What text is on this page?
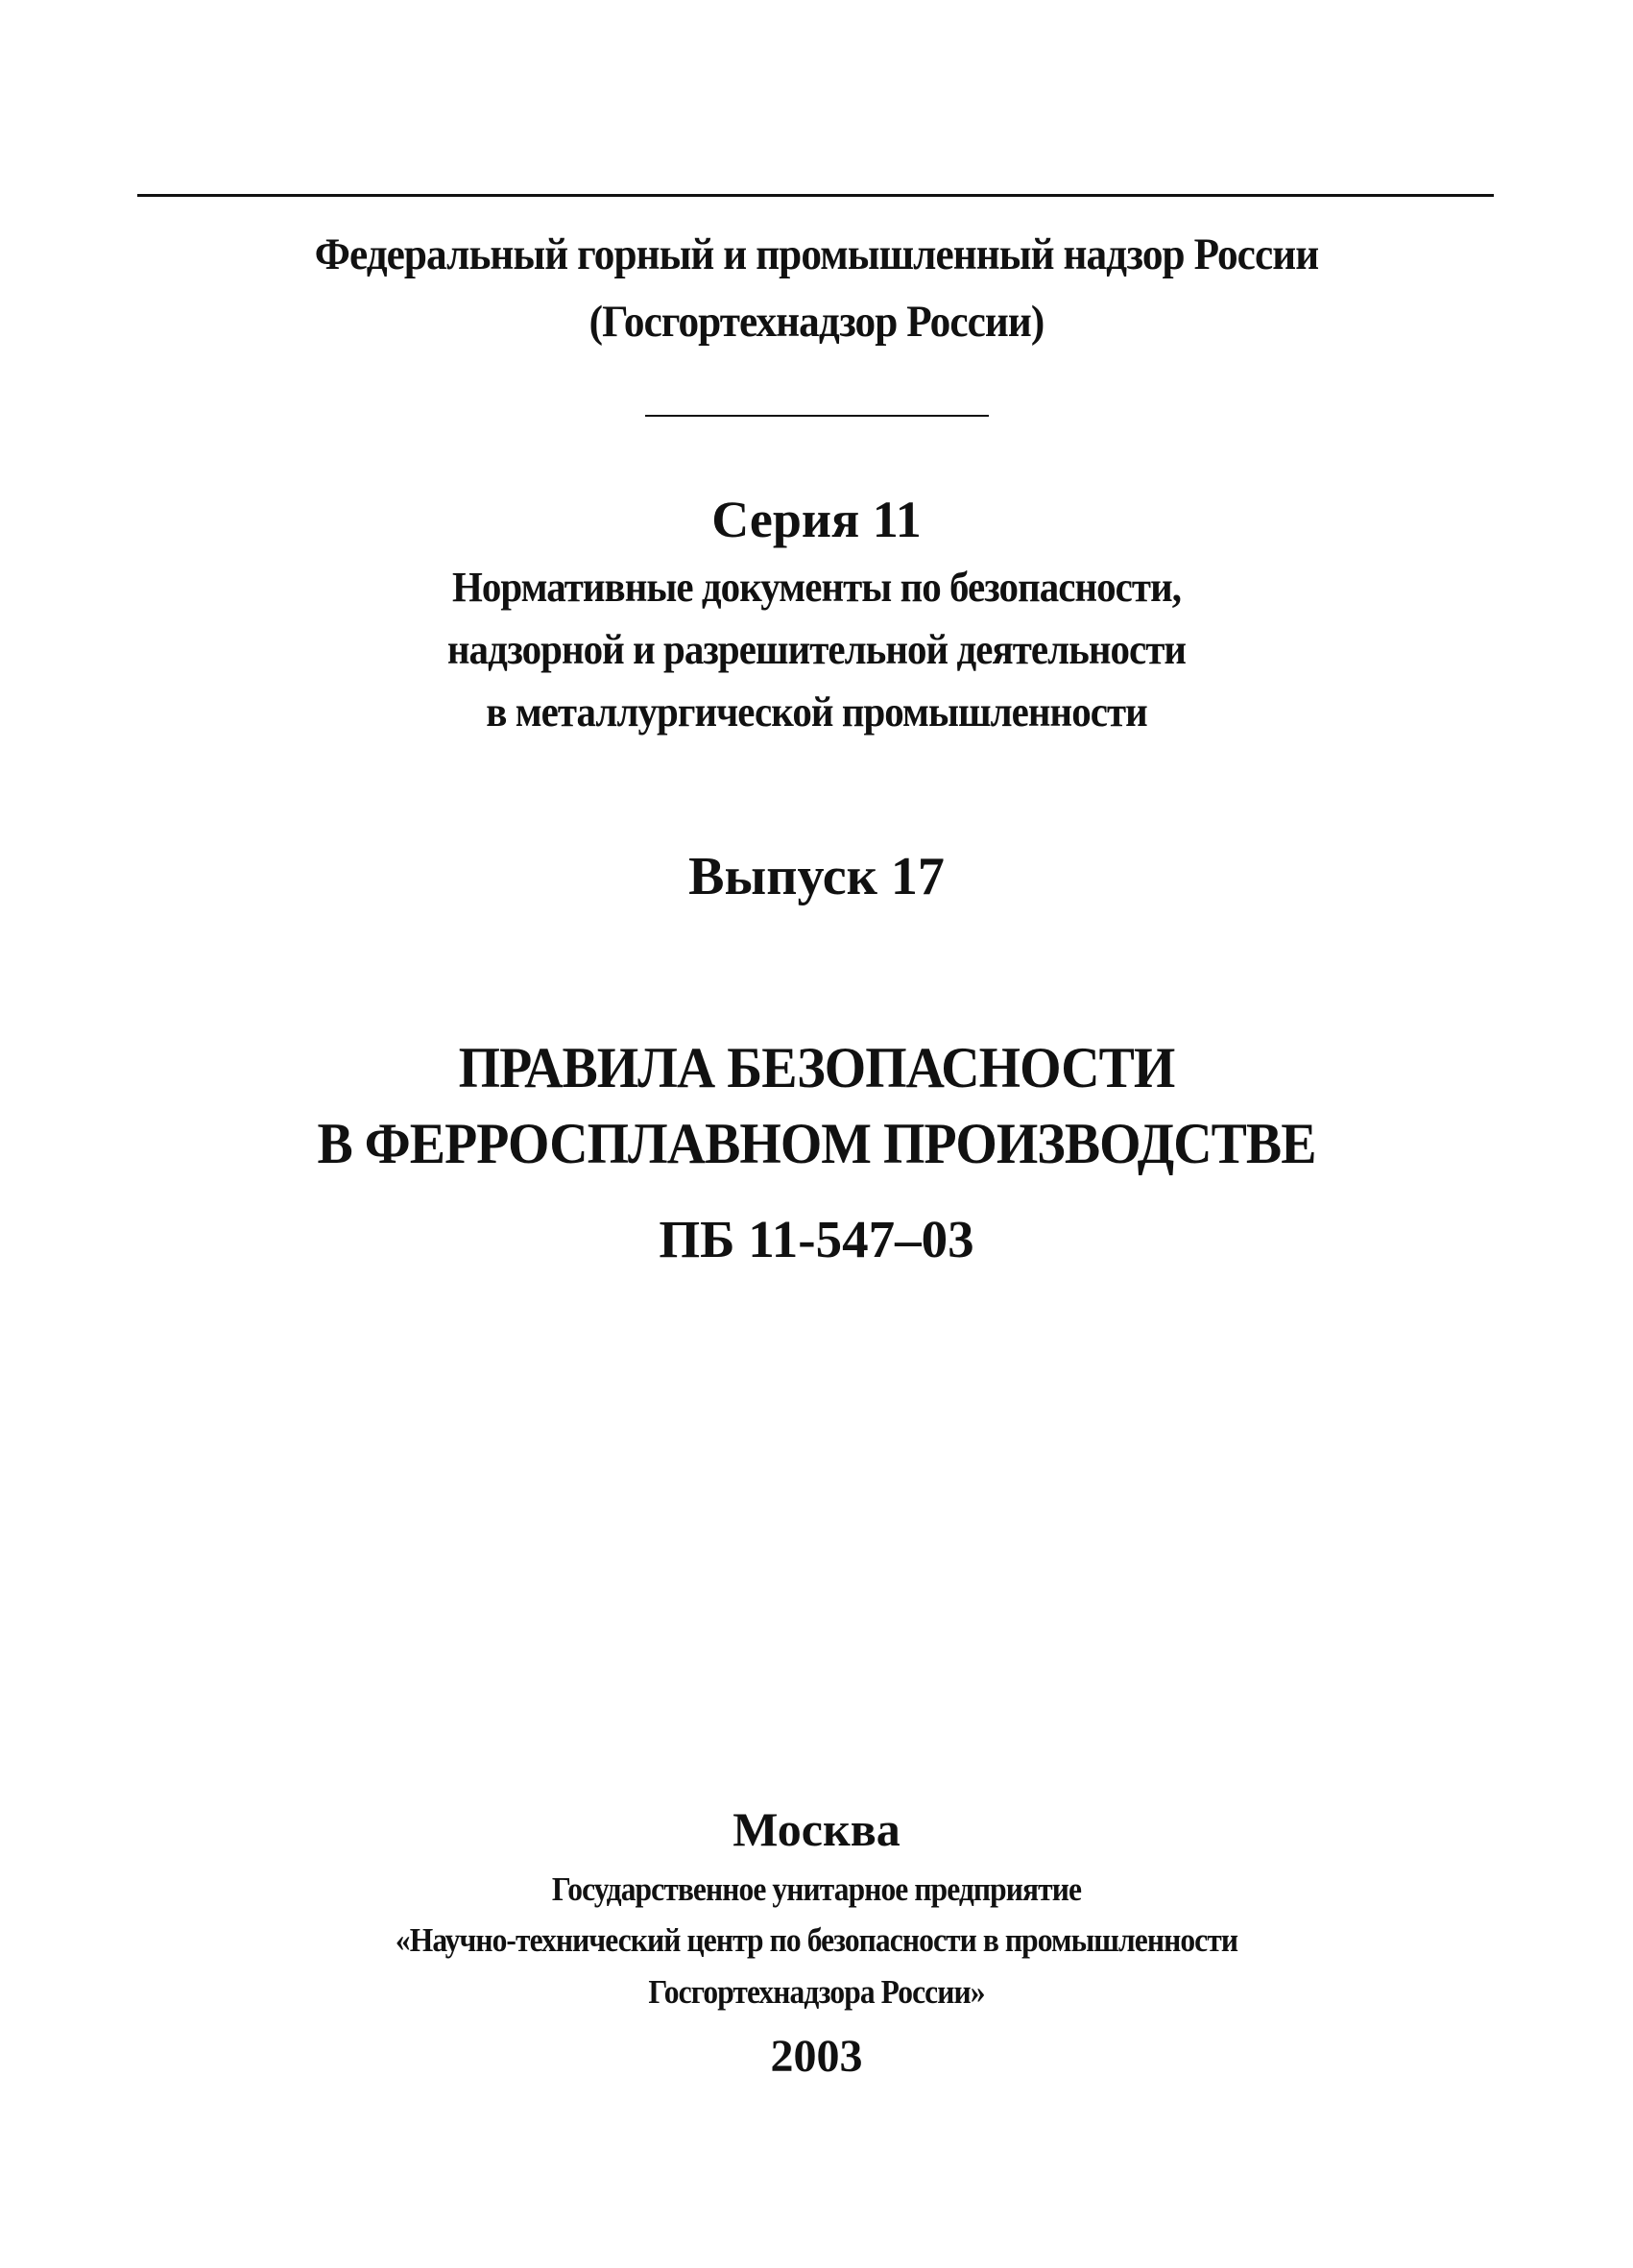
Федеральный горный и промышленный надзор России
(Госгортехнадзор России)
Серия 11
Нормативные документы по безопасности,
надзорной и разрешительной деятельности
в металлургической промышленности
Выпуск 17
ПРАВИЛА БЕЗОПАСНОСТИ
В ФЕРРОСПЛАВНОМ ПРОИЗВОДСТВЕ
ПБ 11-547–03
Москва
Государственное унитарное предприятие
«Научно-технический центр по безопасности в промышленности
Госгортехнадзора России»
2003
